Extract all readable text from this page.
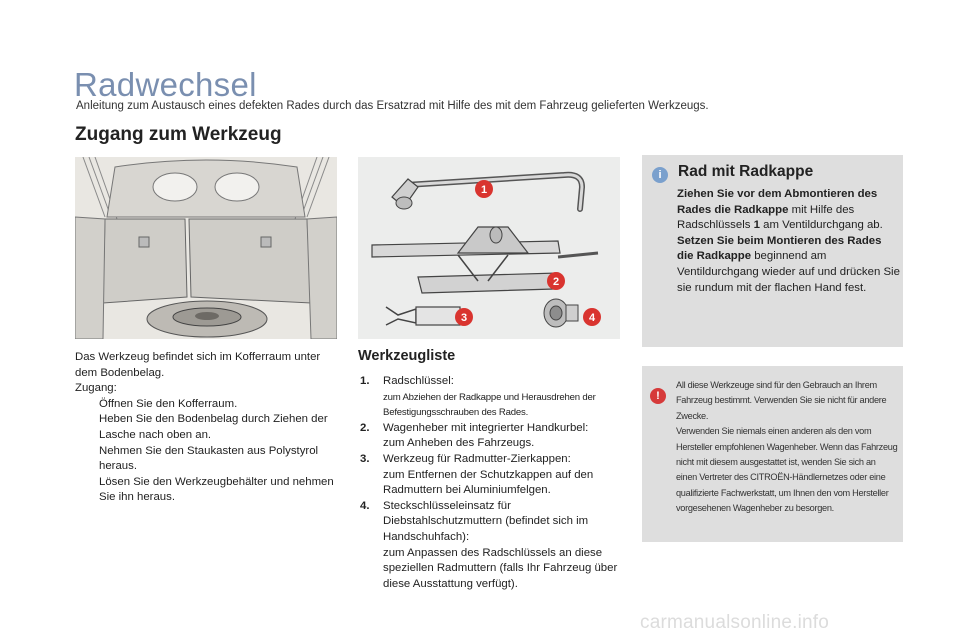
Radwechsel
Anleitung zum Austausch eines defekten Rades durch das Ersatzrad mit Hilfe des mit dem Fahrzeug gelieferten Werkzeugs.
Zugang zum Werkzeug
Das Werkzeug befindet sich im Kofferraum unter dem Bodenbelag.
Zugang:
Öffnen Sie den Kofferraum.
Heben Sie den Bodenbelag durch Ziehen der Lasche nach oben an.
Nehmen Sie den Staukasten aus Polystyrol heraus.
Lösen Sie den Werkzeugbehälter und nehmen Sie ihn heraus.
1
2
3	4
Werkzeugliste
1. Radschlüssel:
zum Abziehen der Radkappe und Herausdrehen der Befestigungsschrauben des Rades.
2. Wagenheber mit integrierter Handkurbel:
zum Anheben des Fahrzeugs.
3. Werkzeug für Radmutter-Zierkappen:
zum Entfernen der Schutzkappen auf den Radmuttern bei Aluminiumfelgen.
4. Steckschlüsseleinsatz für Diebstahlschutzmuttern (befindet sich im Handschuhfach):
zum Anpassen des Radschlüssels an diese speziellen Radmuttern (falls Ihr Fahrzeug über diese Ausstattung verfügt).
i	Rad mit Radkappe
Ziehen Sie vor dem Abmontieren des Rades die Radkappe mit Hilfe des Radschlüssels 1 am Ventildurchgang ab.
Setzen Sie beim Montieren des Rades die Radkappe beginnend am Ventildurchgang wieder auf und drücken Sie sie rundum mit der flachen Hand fest.
!
All diese Werkzeuge sind für den Gebrauch an Ihrem Fahrzeug bestimmt. Verwenden Sie sie nicht für andere Zwecke.
Verwenden Sie niemals einen anderen als den vom Hersteller empfohlenen Wagenheber. Wenn das Fahrzeug nicht mit diesem ausgestattet ist, wenden Sie sich an einen Vertreter des CITROËN-Händlernetzes oder eine qualifizierte Fachwerkstatt, um Ihnen den vom Hersteller vorgesehenen Wagenheber zu besorgen.
carmanualsonline.info
